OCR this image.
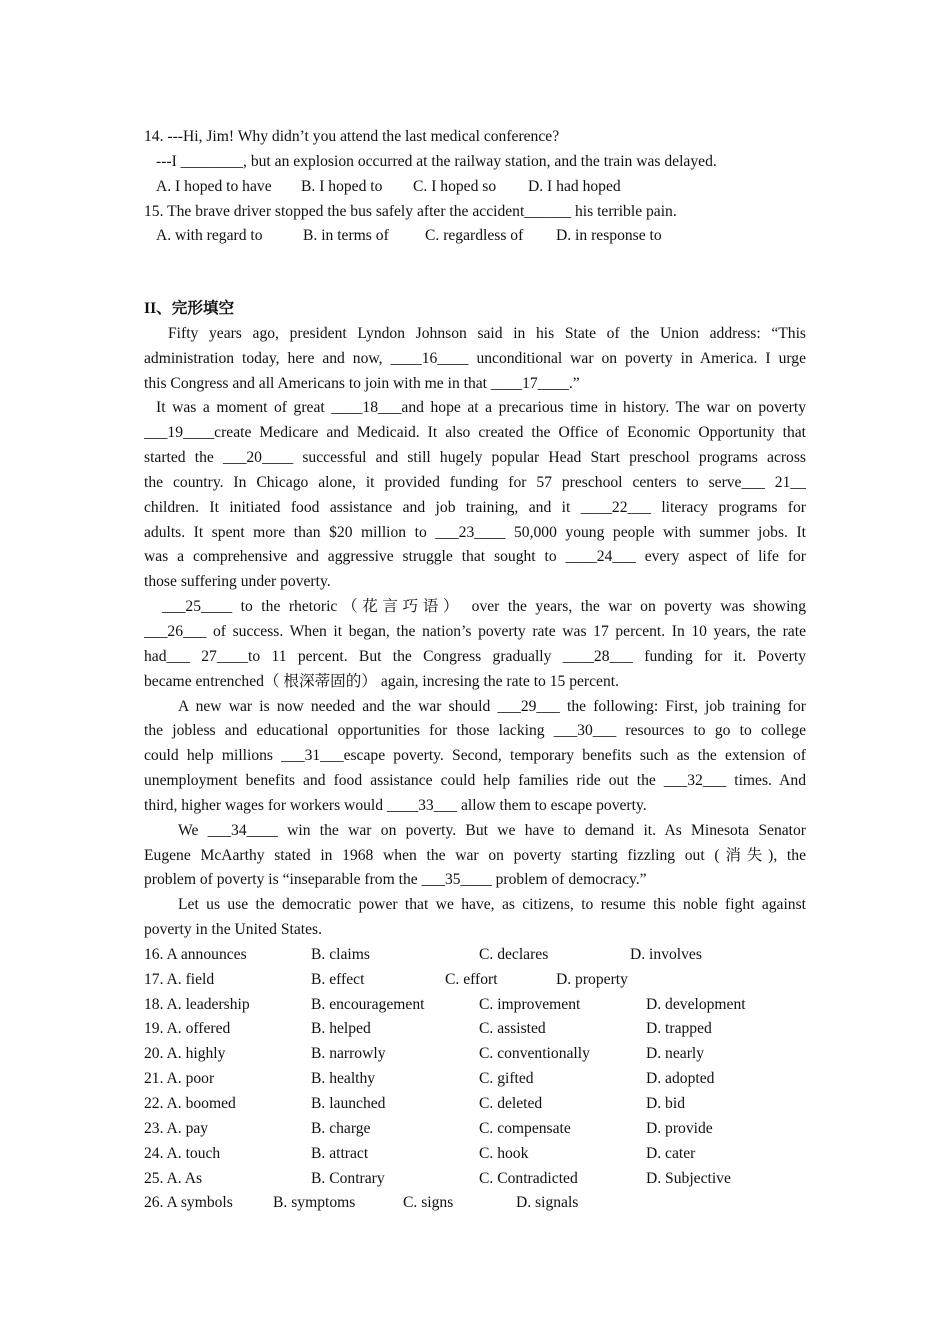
14. ---Hi, Jim! Why didn’t you attend the last medical conference?
---I ________, but an explosion occurred at the railway station, and the train was delayed.
A. I hoped to have B. I hoped to C. I hoped so D. I had hoped
15. The brave driver stopped the bus safely after the accident______ his terrible pain.
A. with regard to	B. in terms of C. regardless of D. in response to
II、完形填空
Fifty years ago, president Lyndon Johnson said in his State of the Union address: “This
administration today, here and now, ____16____ unconditional war on poverty in America. I urge
this Congress and all Americans to join with me in that ____17____.”
It was a moment of great ____18___and hope at a precarious time in history. The war on poverty
___19____create Medicare and Medicaid. It also created the Office of Economic Opportunity that
started the ___20____ successful and still hugely popular Head Start preschool programs across
the country. In Chicago alone, it provided funding for 57 preschool centers to serve___ 21__
children. It initiated food assistance and job training, and it ____22___ literacy programs for
adults. It spent more than $20 million to ___23____ 50,000 young people with summer jobs. It
was a comprehensive and aggressive struggle that sought to ____24___ every aspect of life for
those suffering under poverty.
___25____ to the rhetoric（花言巧语） over the years, the war on poverty was showing
___26___ of success. When it began, the nation’s poverty rate was 17 percent. In 10 years, the rate
had___ 27____to 11 percent. But the Congress gradually ____28___ funding for it. Poverty
became entrenched（ 根深蒂固的） again, incresing the rate to 15 percent.
A new war is now needed and the war should ___29___ the following: First, job training for
the jobless and educational opportunities for those lacking ___30___ resources to go to college
could help millions ___31___escape poverty. Second, temporary benefits such as the extension of
unemployment benefits and food assistance could help families ride out the ___32___ times. And
third, higher wages for workers would ____33___ allow them to escape poverty.
We ___34____ win the war on poverty. But we have to demand it. As Minesota Senator
Eugene McAarthy stated in 1968 when the war on poverty starting fizzling out (消失), the
problem of poverty is “inseparable from the ___35____ problem of democracy.”
Let us use the democratic power that we have, as citizens, to resume this noble fight against
poverty in the United States.
16. A announces	B. claims	C. declares	D. involves
17. A. field	B. effect	C. effort	D. property
18. A. leadership	B. encouragement	C. improvement	D. development
19. A. offered	B. helped	C. assisted	D. trapped
20. A. highly	B. narrowly	C. conventionally	D. nearly
21. A. poor	B. healthy	C. gifted	D. adopted
22. A. boomed	B. launched	C. deleted	D. bid
23. A. pay	B. charge	C. compensate	D. provide
24. A. touch	B. attract	C. hook	D. cater
25. A. As	B. Contrary	C. Contradicted	D. Subjective
26. A symbols	B. symptoms	C. signs	D. signals
